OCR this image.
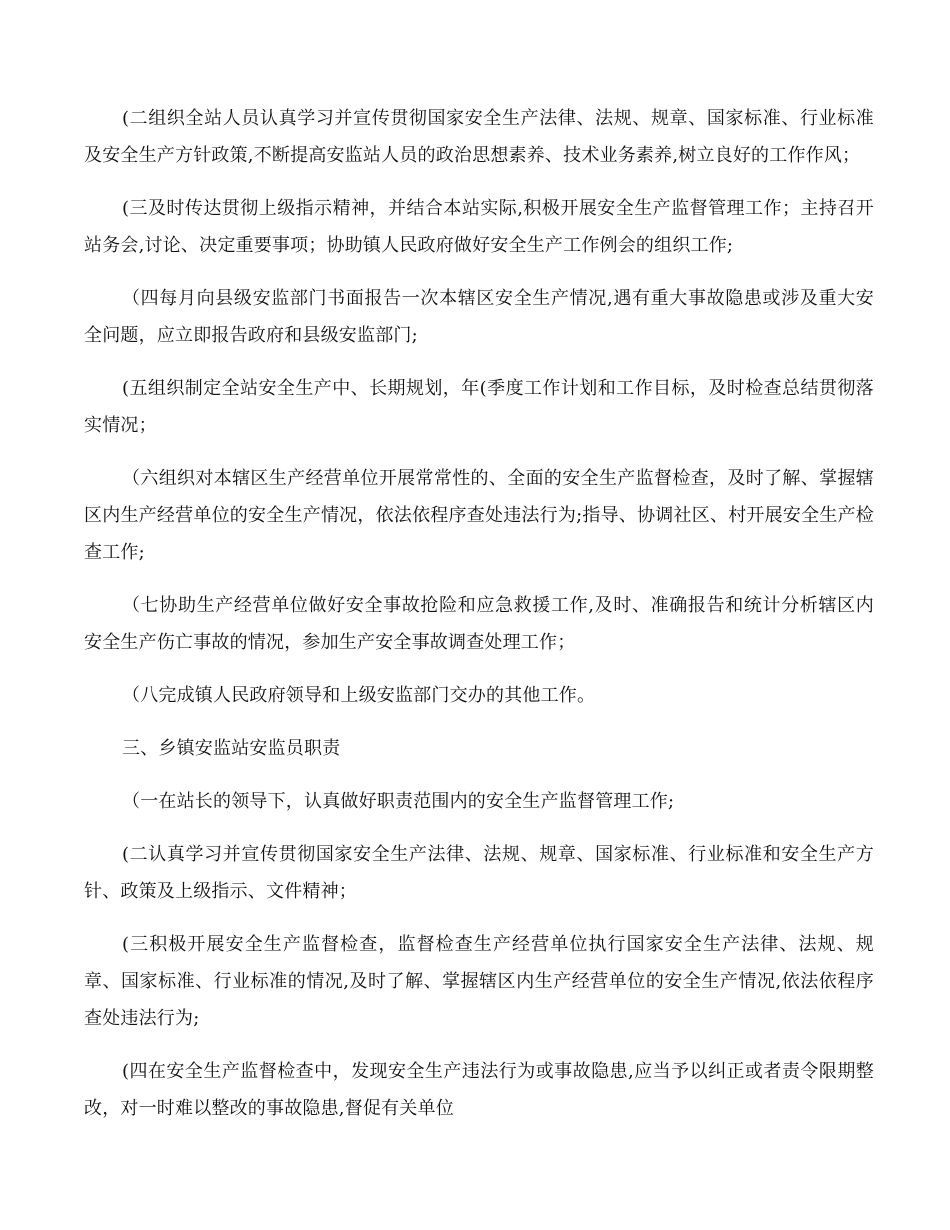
(二组织全站人员认真学习并宣传贯彻国家安全生产法律、法规、规章、国家标准、行业标准及安全生产方针政策,不断提高安监站人员的政治思想素养、技术业务素养,树立良好的工作作风；

(三及时传达贯彻上级指示精神，并结合本站实际,积极开展安全生产监督管理工作；主持召开站务会,讨论、决定重要事项；协助镇人民政府做好安全生产工作例会的组织工作;

（四每月向县级安监部门书面报告一次本辖区安全生产情况,遇有重大事故隐患或涉及重大安全问题，应立即报告政府和县级安监部门;

(五组织制定全站安全生产中、长期规划，年(季度工作计划和工作目标，及时检查总结贯彻落实情况；

（六组织对本辖区生产经营单位开展常常性的、全面的安全生产监督检查，及时了解、掌握辖区内生产经营单位的安全生产情况，依法依程序查处违法行为;指导、协调社区、村开展安全生产检查工作;

（七协助生产经营单位做好安全事故抢险和应急救援工作,及时、准确报告和统计分析辖区内安全生产伤亡事故的情况，参加生产安全事故调查处理工作；

（八完成镇人民政府领导和上级安监部门交办的其他工作。

三、乡镇安监站安监员职责

（一在站长的领导下，认真做好职责范围内的安全生产监督管理工作;

(二认真学习并宣传贯彻国家安全生产法律、法规、规章、国家标准、行业标准和安全生产方针、政策及上级指示、文件精神；

(三积极开展安全生产监督检查，监督检查生产经营单位执行国家安全生产法律、法规、规章、国家标准、行业标准的情况,及时了解、掌握辖区内生产经营单位的安全生产情况,依法依程序查处违法行为;

(四在安全生产监督检查中，发现安全生产违法行为或事故隐患,应当予以纠正或者责令限期整改，对一时难以整改的事故隐患,督促有关单位
